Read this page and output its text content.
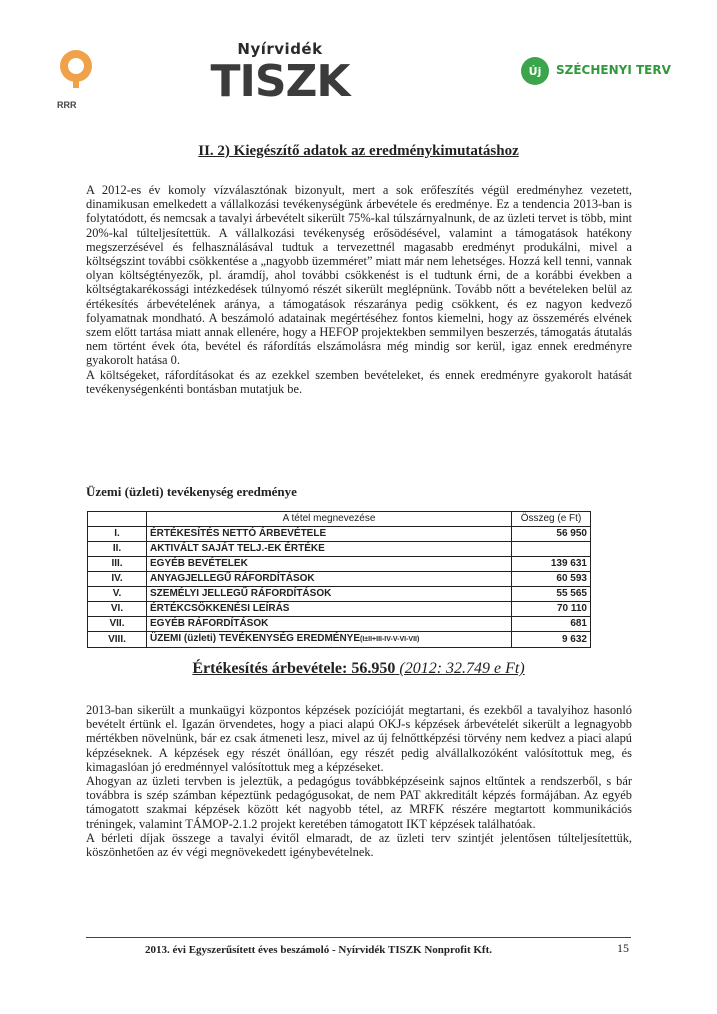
RRR
Nyírvidék
TISZK	Új SZÉCHENYI TERV
II. 2) Kiegészítő adatok az eredménykimutatáshoz

A 2012-es év komoly vízválasztónak bizonyult, mert a sok erőfeszítés végül eredményhez vezetett, dinamikusan emelkedett a vállalkozási tevékenységünk árbevétele és eredménye. Ez a tendencia 2013-ban is folytatódott, és nemcsak a tavalyi árbevételt sikerült 75%-kal túlszárnyalnunk, de az üzleti tervet is több, mint 20%-kal túlteljesítettük. A vállalkozási tevékenység erősödésével, valamint a támogatások hatékony megszerzésével és felhasználásával tudtuk a tervezettnél magasabb eredményt produkálni, mivel a költségszint további csökkentése a „nagyobb üzemméret” miatt már nem lehetséges. Hozzá kell tenni, vannak olyan költségtényezők, pl. áramdíj, ahol további csökkenést is el tudtunk érni, de a korábbi években a költségtakarékossági intézkedések túlnyomó részét sikerült meglépnünk. Tovább nőtt a bevételeken belül az értékesítés árbevételének aránya, a támogatások részaránya pedig csökkent, és ez nagyon kedvező folyamatnak mondható. A beszámoló adatainak megértéséhez fontos kiemelni, hogy az összemérés elvének szem előtt tartása miatt annak ellenére, hogy a HEFOP projektekben semmilyen beszerzés, támogatás átutalás nem történt évek óta, bevétel és ráfordítás elszámolásra még mindig sor kerül, igaz ennek eredményre gyakorolt hatása 0.

A költségeket, ráfordításokat és az ezekkel szemben bevételeket, és ennek eredményre gyakorolt hatását tevékenységenkénti bontásban mutatjuk be.

Üzemi (üzleti) tevékenység eredménye
	A tétel megnevezése	Összeg (e Ft)
I.	ÉRTÉKESÍTÉS NETTÓ ÁRBEVÉTELE	56 950
II.	AKTIVÁLT SAJÁT TELJ.-EK ÉRTÉKE	
III.	EGYÉB BEVÉTELEK	139 631
IV.	ANYAGJELLEGŰ RÁFORDÍTÁSOK	60 593
V.	SZEMÉLYI JELLEGŰ RÁFORDÍTÁSOK	55 565
VI.	ÉRTÉKCSÖKKENÉSI LEÍRÁS	70 110
VII.	EGYÉB RÁFORDÍTÁSOK	681
VIII.	ÜZEMI (üzleti) TEVÉKENYSÉG EREDMÉNYE(I±II+III-IV-V-VI-VII)	9 632
Értékesítés árbevétele: 56.950 (2012: 32.749 e Ft)

2013-ban sikerült a munkaügyi központos képzések pozícióját megtartani, és ezekből a tavalyihoz hasonló bevételt értünk el. Igazán örvendetes, hogy a piaci alapú OKJ-s képzések árbevételét sikerült a legnagyobb mértékben növelnünk, bár ez csak átmeneti lesz, mivel az új felnőttképzési törvény nem kedvez a piaci alapú képzéseknek. A képzések egy részét önállóan, egy részét pedig alvállalkozóként valósítottuk meg, és kimagaslóan jó eredménnyel valósítottuk meg a képzéseket.

Ahogyan az üzleti tervben is jeleztük, a pedagógus továbbképzéseink sajnos eltűntek a rendszerből, s bár továbbra is szép számban képeztünk pedagógusokat, de nem PAT akkreditált képzés formájában. Az egyéb támogatott szakmai képzések között két nagyobb tétel, az MRFK részére megtartott kommunikációs tréningek, valamint TÁMOP-2.1.2 projekt keretében támogatott IKT képzések találhatóak.

A bérleti díjak összege a tavalyi évitől elmaradt, de az üzleti terv szintjét jelentősen túlteljesítettük, köszönhetően az év végi megnövekedett igénybevételnek.

2013. évi Egyszerűsített éves beszámoló - Nyírvidék TISZK Nonprofit Kft.	15
